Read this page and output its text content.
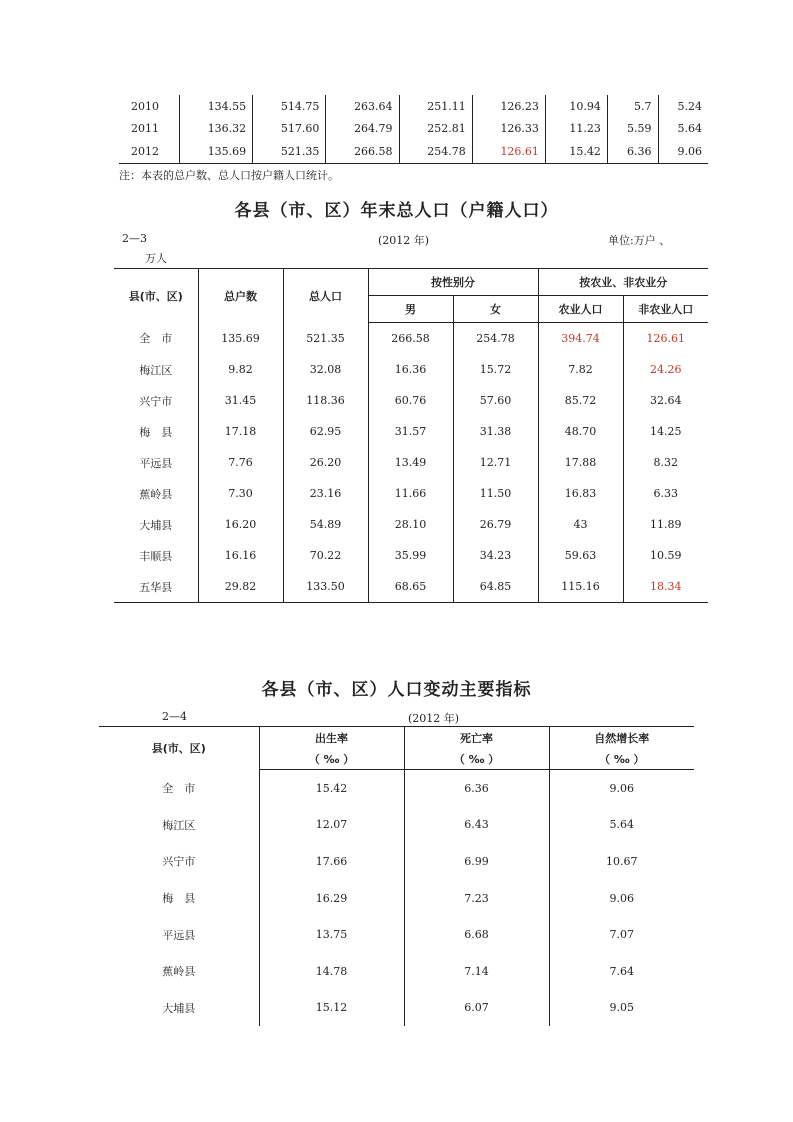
2010	134.55	514.75	263.64	251.11	126.23	10.94	5.7	5.24
2011	136.32	517.60	264.79	252.81	126.33	11.23	5.59	5.64
2012	135.69	521.35	266.58	254.78	126.61	15.42	6.36	9.06
注：本表的总户数、总人口按户籍人口统计。
各县（市、区）年末总人口（户籍人口）
2—3	(2012 年)	单位:万户 、
万人
县(市、区)	总户数	总人口	按性别分		按农业、非农业分	
			男	女	农业人口	非农业人口
全　市	135.69	521.35	266.58	254.78	394.74	126.61
梅江区	9.82	32.08	16.36	15.72	7.82	24.26
兴宁市	31.45	118.36	60.76	57.60	85.72	32.64
梅　县	17.18	62.95	31.57	31.38	48.70	14.25
平远县	7.76	26.20	13.49	12.71	17.88	8.32
蕉岭县	7.30	23.16	11.66	11.50	16.83	6.33
大埔县	16.20	54.89	28.10	26.79	43	11.89
丰顺县	16.16	70.22	35.99	34.23	59.63	10.59
五华县	29.82	133.50	68.65	64.85	115.16	18.34
各县（市、区）人口变动主要指标
2—4	(2012 年)
县(市、区)	出生率	死亡率	自然增长率
	（ ‰ ）	（ ‰ ）	（ ‰ ）
全　市	15.42	6.36	9.06
梅江区	12.07	6.43	5.64
兴宁市	17.66	6.99	10.67
梅　县	16.29	7.23	9.06
平远县	13.75	6.68	7.07
蕉岭县	14.78	7.14	7.64
大埔县	15.12	6.07	9.05
